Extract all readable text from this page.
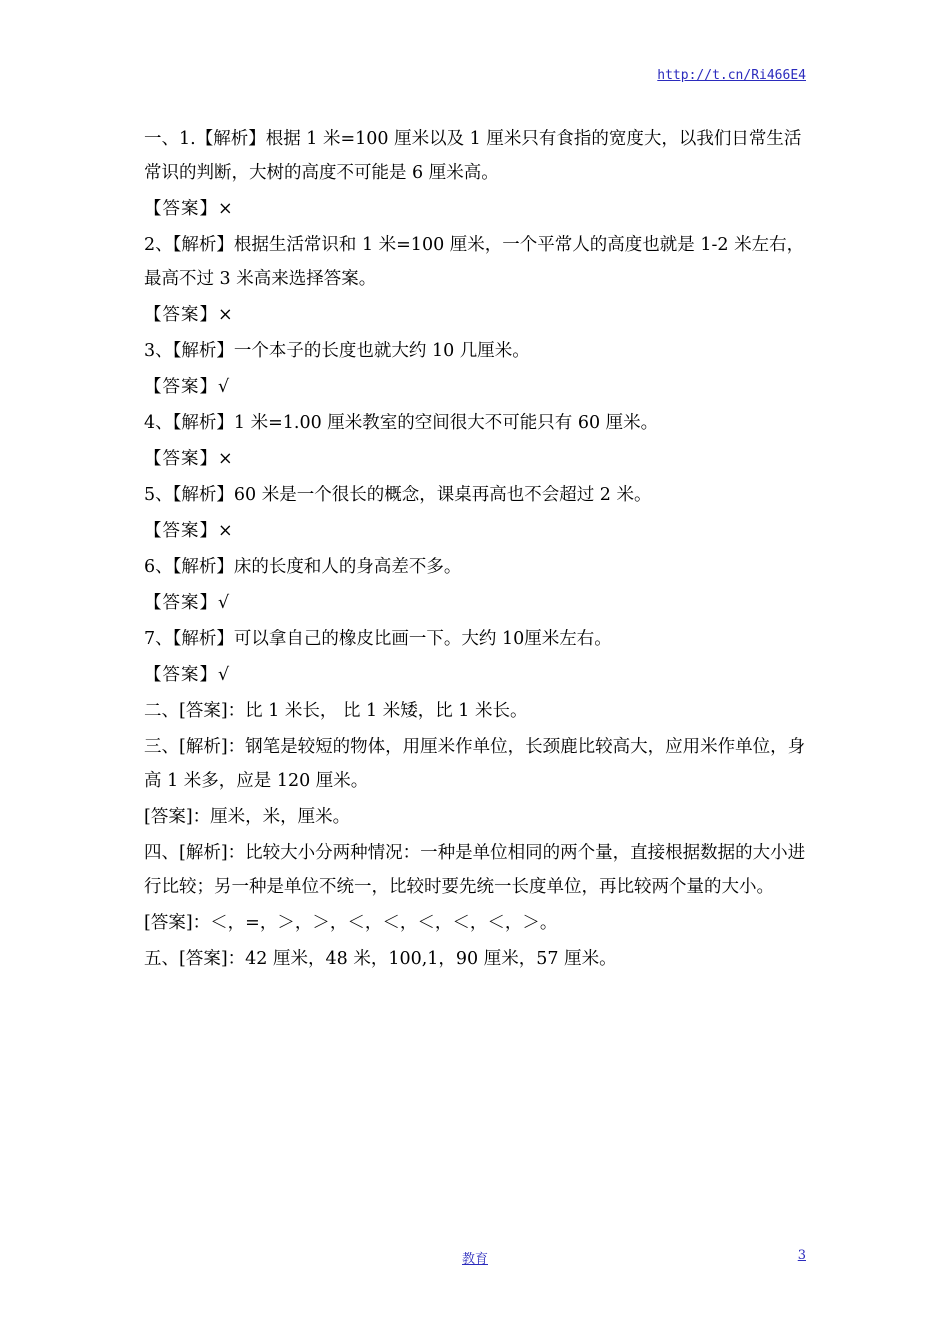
http://t.cn/Ri466E4
一、1.【解析】根据 1 米=100 厘米以及 1 厘米只有食指的宽度大，以我们日常生活常识的判断，大树的高度不可能是 6 厘米高。
【答案】×
2、【解析】根据生活常识和 1 米=100 厘米，一个平常人的高度也就是 1-2 米左右，最高不过 3 米高来选择答案。
【答案】×
3、【解析】一个本子的长度也就大约 10 几厘米。
【答案】√
4、【解析】1 米=1.00 厘米教室的空间很大不可能只有 60 厘米。
【答案】×
5、【解析】60 米是一个很长的概念，课桌再高也不会超过 2 米。
【答案】×
6、【解析】床的长度和人的身高差不多。
【答案】√
7、【解析】可以拿自己的橡皮比画一下。大约 10厘米左右。
【答案】√
二、[答案]：比 1 米长， 比 1 米矮，比 1 米长。
三、[解析]：钢笔是较短的物体，用厘米作单位，长颈鹿比较高大，应用米作单位，身高 1 米多，应是 120 厘米。
[答案]：厘米，米，厘米。
四、[解析]：比较大小分两种情况：一种是单位相同的两个量，直接根据数据的大小进行比较；另一种是单位不统一，比较时要先统一长度单位，再比较两个量的大小。
[答案]：＜，=，＞，＞，＜，＜，＜，＜，＜，＞。
五、[答案]：42 厘米，48 米，100,1，90 厘米，57 厘米。
教育	3
